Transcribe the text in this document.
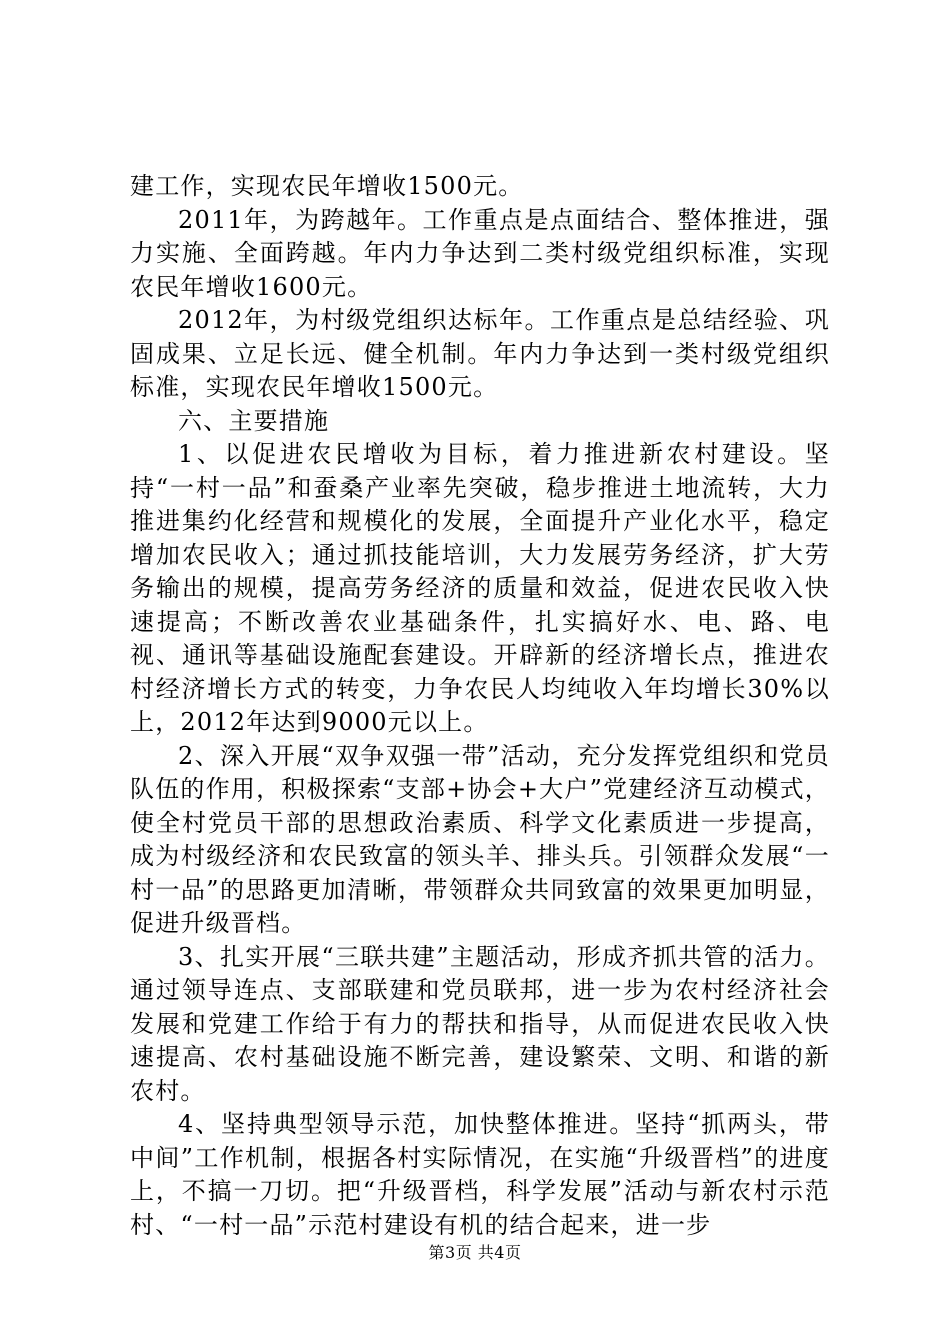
建工作，实现农民年增收1500元。

2011年，为跨越年。工作重点是点面结合、整体推进，强力实施、全面跨越。年内力争达到二类村级党组织标准，实现农民年增收1600元。

2012年，为村级党组织达标年。工作重点是总结经验、巩固成果、立足长远、健全机制。年内力争达到一类村级党组织标准，实现农民年增收1500元。

六、主要措施

1、以促进农民增收为目标，着力推进新农村建设。坚持“一村一品”和蚕桑产业率先突破，稳步推进土地流转，大力推进集约化经营和规模化的发展，全面提升产业化水平，稳定增加农民收入；通过抓技能培训，大力发展劳务经济，扩大劳务输出的规模，提高劳务经济的质量和效益，促进农民收入快速提高；不断改善农业基础条件，扎实搞好水、电、路、电视、通讯等基础设施配套建设。开辟新的经济增长点，推进农村经济增长方式的转变，力争农民人均纯收入年均增长30%以上，2012年达到9000元以上。

2、深入开展“双争双强一带”活动，充分发挥党组织和党员队伍的作用，积极探索“支部+协会+大户”党建经济互动模式，使全村党员干部的思想政治素质、科学文化素质进一步提高，成为村级经济和农民致富的领头羊、排头兵。引领群众发展“一村一品”的思路更加清晰，带领群众共同致富的效果更加明显，促进升级晋档。

3、扎实开展“三联共建”主题活动，形成齐抓共管的活力。通过领导连点、支部联建和党员联邦，进一步为农村经济社会发展和党建工作给于有力的帮扶和指导，从而促进农民收入快速提高、农村基础设施不断完善，建设繁荣、文明、和谐的新农村。

4、坚持典型领导示范，加快整体推进。坚持“抓两头，带中间”工作机制，根据各村实际情况，在实施“升级晋档”的进度上，不搞一刀切。把“升级晋档，科学发展”活动与新农村示范村、“一村一品”示范村建设有机的结合起来，进一步

第3页 共4页
